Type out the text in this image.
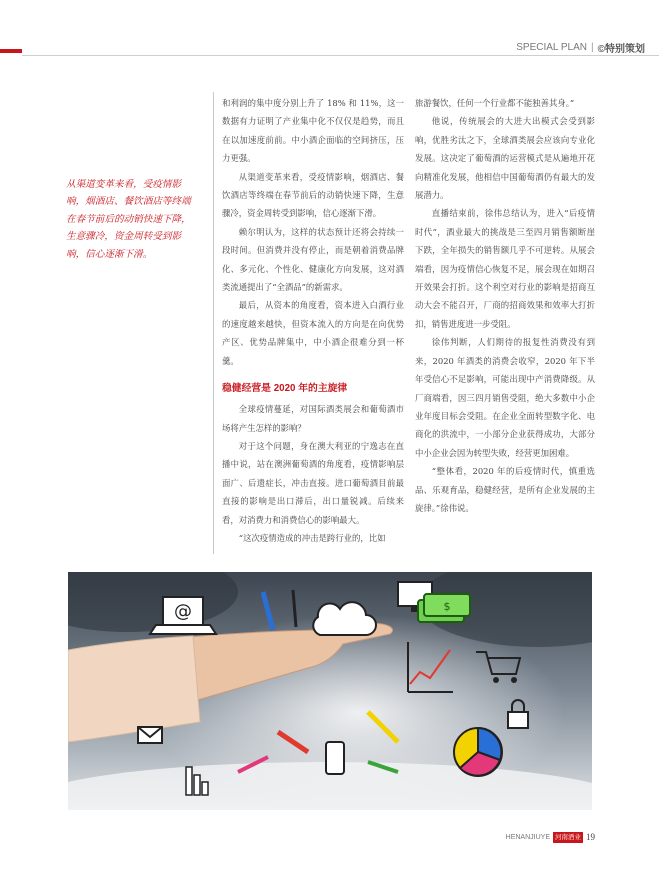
SPECIAL PLAN | ©特别策划
从渠道变革来看，受疫情影响，烟酒店、餐饮酒店等终端在春节前后的动销快速下降，生意骤冷，资金周转受到影响，信心逐渐下滑。

和利润的集中度分别上升了 18% 和 11%，这一数据有力证明了产业集中化不仅仅是趋势，而且在以加速度前前。中小酒企面临的空间挤压，压力更强。

从渠道变革来看，受疫情影响，烟酒店、餐饮酒店等终端在春节前后的动销快速下降，生意骤冷，资金周转受到影响，信心逐渐下滑。

赖尔明认为，这样的状态预计还将会持续一段时间。但消费并没有停止，而是朝着消费品牌化、多元化、个性化、健康化方向发展，这对酒类流通提出了“全酒品”的新需求。

最后，从资本的角度看，资本进入白酒行业的速度越来越快，但资本流入的方向是在向优势产区、优势品牌集中，中小酒企很难分到一杯羹。

稳健经营是 2020 年的主旋律

全球疫情蔓延，对国际酒类展会和葡萄酒市场将产生怎样的影响？

对于这个问题，身在澳大利亚的宁逸志在直播中说，站在澳洲葡萄酒的角度看，疫情影响层面广、后遗症长，冲击直接。进口葡萄酒目前最直接的影响是出口滞后，出口量锐减。后续来看，对消费力和消费信心的影响最大。

“这次疫情造成的冲击是跨行业的，比如

旅游餐饮，任何一个行业都不能独善其身。”

他说，传统展会的大进大出模式会受到影响，优胜劣汰之下，全球酒类展会应该向专业化发展。这决定了葡萄酒的运营模式是从遍地开花向精准化发展，他相信中国葡萄酒仍有最大的发展潜力。

直播结束前，徐伟总结认为，进入“后疫情时代”，酒业最大的挑战是三至四月销售额断崖下跌，全年损失的销售额几乎不可逆转。从展会端看，因为疫情信心恢复不足，展会现在如期召开效果会打折。这个利空对行业的影响是招商互动大会不能召开，厂商的招商效果和效率大打折扣，销售进度进一步受阻。

徐伟判断，人们期待的报复性消费没有到来，2020 年酒类的消费会收窄，2020 年下半年受信心不足影响，可能出现中产消费降级。从厂商端看，因三四月销售受阻，绝大多数中小企业年度目标会受阻。在企业全面转型数字化、电商化的洪流中，一小部分企业获得成功，大部分中小企业会因为转型失败，经营更加困难。

“整体看，2020 年的后疫情时代，慎重选品、乐观育品，稳健经营，是所有企业发展的主旋律。”徐伟说。

@	$
HENANJIUYE 河南酒业 19
